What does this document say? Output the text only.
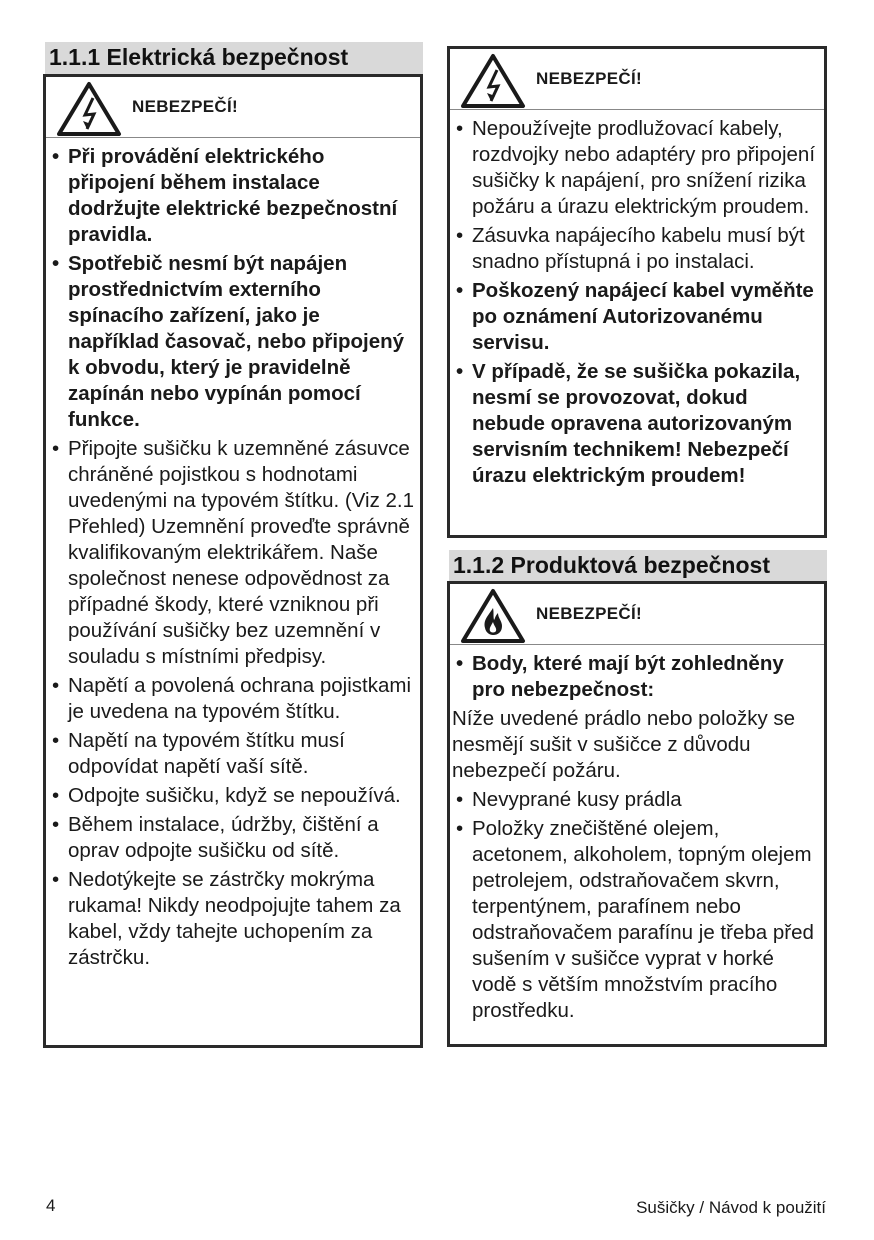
1.1.1 Elektrická bezpečnost
NEBEZPEČÍ!
• Při provádění elektrického připojení během instalace dodržujte elektrické bezpečnostní pravidla.
• Spotřebič nesmí být napájen prostřednictvím externího spínacího zařízení, jako je například časovač, nebo připojený k obvodu, který je pravidelně zapínán nebo vypínán pomocí funkce.
• Připojte sušičku k uzemněné zásuvce chráněné pojistkou s hodnotami uvedenými na typovém štítku. (Viz 2.1 Přehled) Uzemnění proveďte správně kvalifikovaným elektrikářem. Naše společnost nenese odpovědnost za případné škody, které vzniknou při používání sušičky bez uzemnění v souladu s místními předpisy.
• Napětí a povolená ochrana pojistkami je uvedena na typovém štítku.
• Napětí na typovém štítku musí odpovídat napětí vaší sítě.
• Odpojte sušičku, když se nepoužívá.
• Během instalace, údržby, čištění a oprav odpojte sušičku od sítě.
• Nedotýkejte se zástrčky mokrýma rukama! Nikdy neodpojujte tahem za kabel, vždy tahejte uchopením za zástrčku.
NEBEZPEČÍ!
• Nepoužívejte prodlužovací kabely, rozdvojky nebo adaptéry pro připojení sušičky k napájení, pro snížení rizika požáru a úrazu elektrickým proudem.
• Zásuvka napájecího kabelu musí být snadno přístupná i po instalaci.
• Poškozený napájecí kabel vyměňte po oznámení Autorizovanému servisu.
• V případě, že se sušička pokazila, nesmí se provozovat, dokud nebude opravena autorizovaným servisním technikem! Nebezpečí úrazu elektrickým proudem!
1.1.2 Produktová bezpečnost
NEBEZPEČÍ!
• Body, které mají být zohledněny pro nebezpečnost:

Níže uvedené prádlo nebo položky se nesmějí sušit v sušičce z důvodu nebezpečí požáru.

• Nevyprané kusy prádla
• Položky znečištěné olejem, acetonem, alkoholem, topným olejem petrolejem, odstraňovačem skvrn, terpentýnem, parafínem nebo odstraňovačem parafínu je třeba před sušením v sušičce vyprat v horké vodě s větším množstvím pracího prostředku.
4	Sušičky / Návod k použití
